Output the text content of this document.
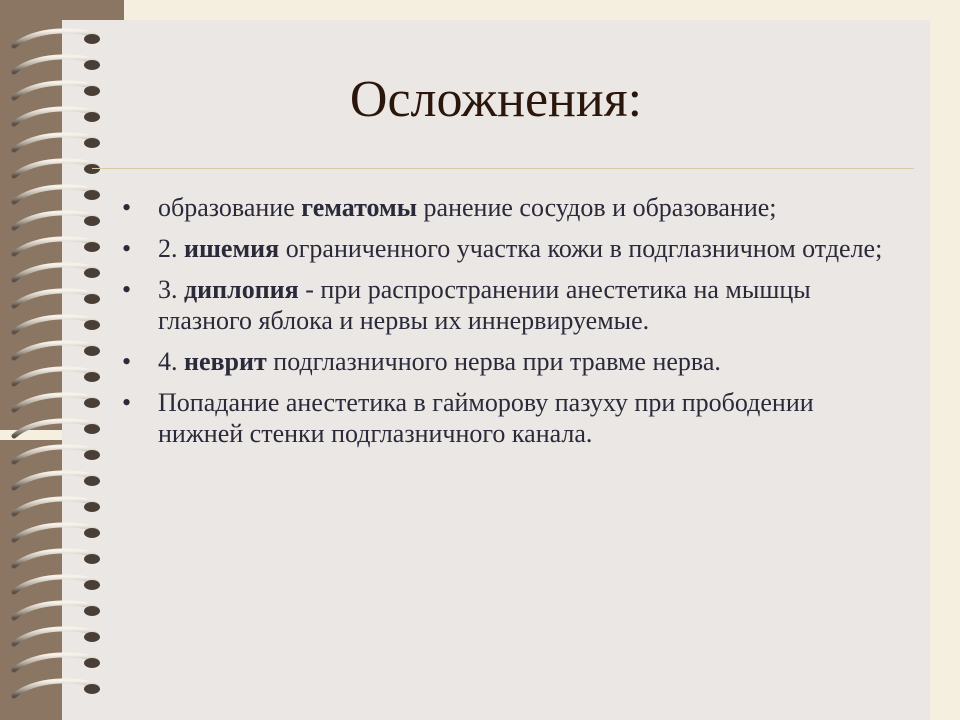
Осложнения:
• образование гематомы ранение сосудов и образование;
• 2. ишемия ограниченного участка кожи в подглазничном отделе;
• 3. диплопия - при распространении анестетика на мышцы глазного яблока и нервы их иннервируемые.
• 4. неврит подглазничного нерва при травме нерва.
• Попадание анестетика в гайморову пазуху при прободении нижней стенки подглазничного канала.
